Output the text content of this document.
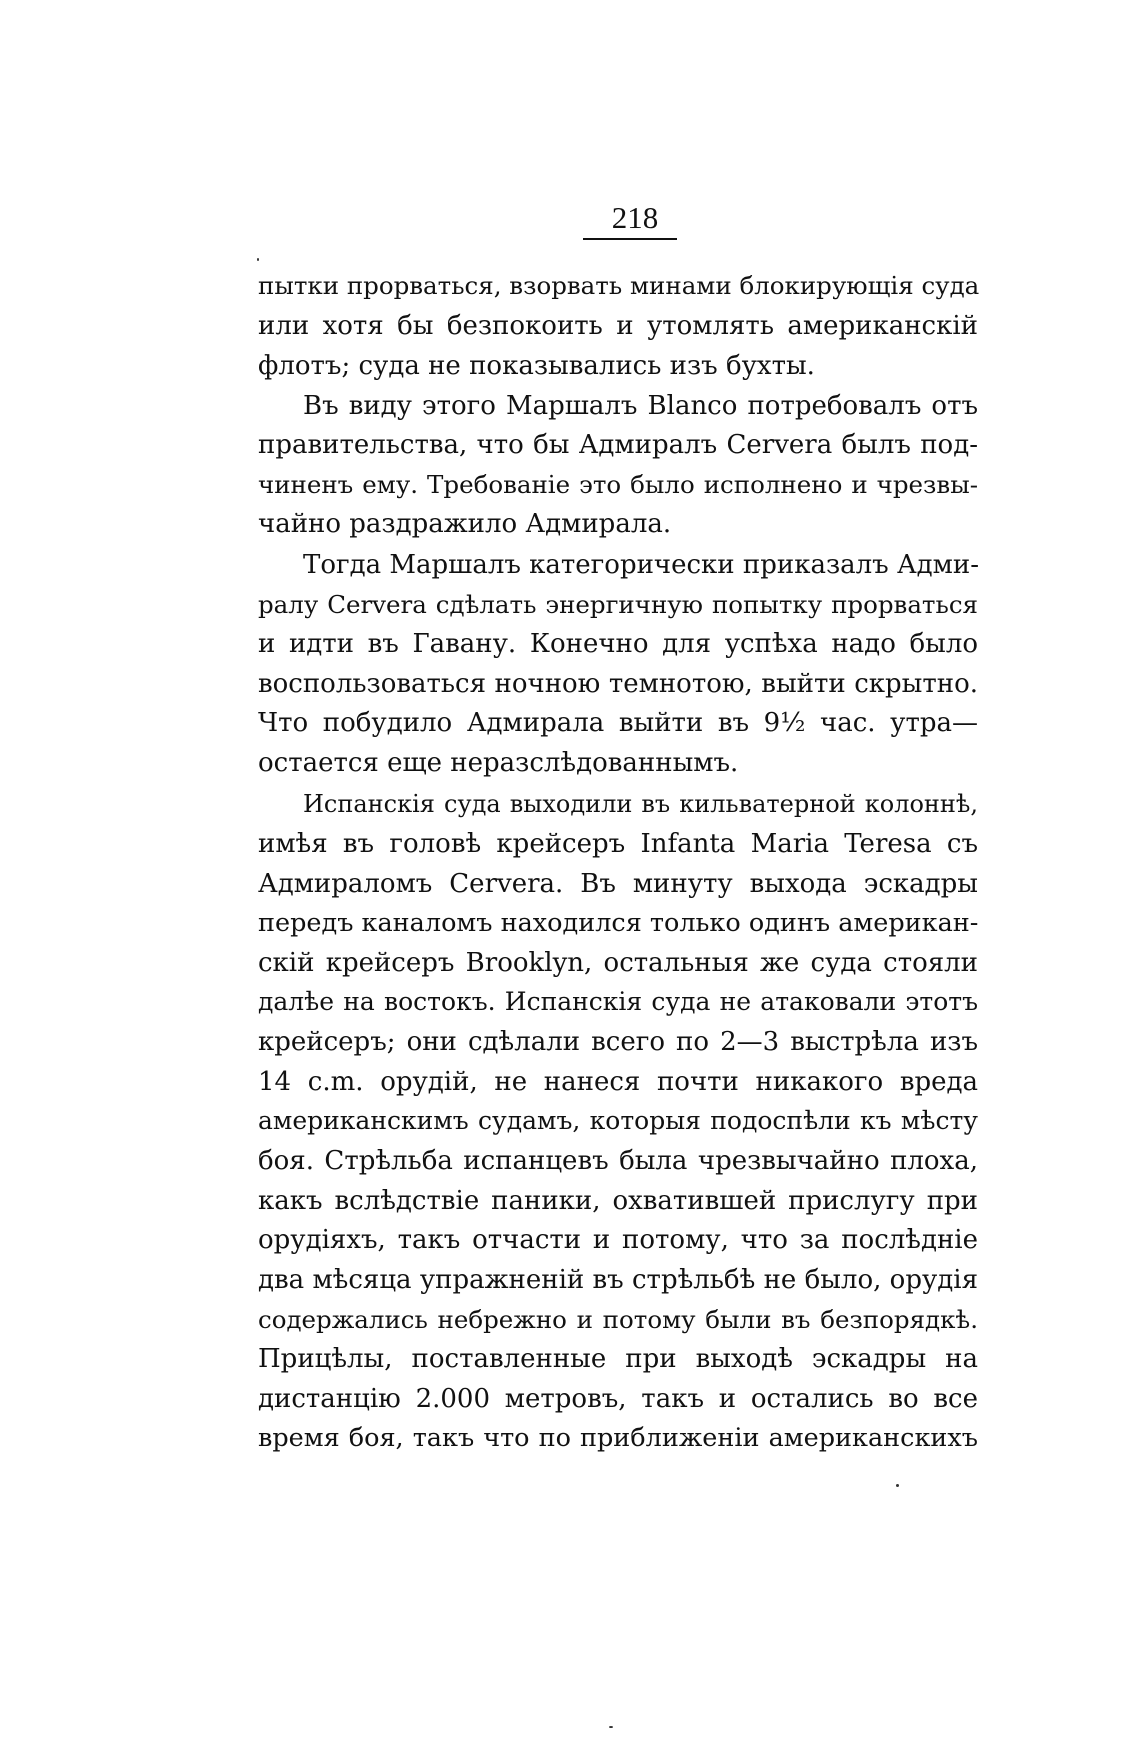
218
пытки прорваться, взорвать минами блокирующія суда
или хотя бы безпокоить и утомлять американскій
флотъ; суда не показывались изъ бухты.
Въ виду этого Маршалъ Blanco потребовалъ отъ
правительства, что бы Адмиралъ Cervera былъ под-
чиненъ ему. Требованіе это было исполнено и чрезвы-
чайно раздражило Адмирала.
Тогда Маршалъ категорически приказалъ Адми-
ралу Cervera сдѣлать энергичную попытку прорваться
и идти въ Гавану. Конечно для успѣха надо было
воспользоваться ночною темнотою, выйти скрытно.
Что побудило Адмирала выйти въ 9½ час. утра—
остается еще неразслѣдованнымъ.
Испанскія суда выходили въ кильватерной колоннѣ,
имѣя въ головѣ крейсеръ Infanta Maria Teresa съ
Адмираломъ Cervera. Въ минуту выхода эскадры
передъ каналомъ находился только одинъ американ-
скій крейсеръ Brooklyn, остальныя же суда стояли
далѣе на востокъ. Испанскія суда не атаковали этотъ
крейсеръ; они сдѣлали всего по 2—3 выстрѣла изъ
14 c.m. орудій, не нанеся почти никакого вреда
американскимъ судамъ, которыя подоспѣли къ мѣсту
боя. Стрѣльба испанцевъ была чрезвычайно плоха,
какъ вслѣдствіе паники, охватившей прислугу при
орудіяхъ, такъ отчасти и потому, что за послѣдніе
два мѣсяца упражненій въ стрѣльбѣ не было, орудія
содержались небрежно и потому были въ безпорядкѣ.
Прицѣлы, поставленные при выходѣ эскадры на
дистанцію 2.000 метровъ, такъ и остались во все
время боя, такъ что по приближеніи американскихъ
